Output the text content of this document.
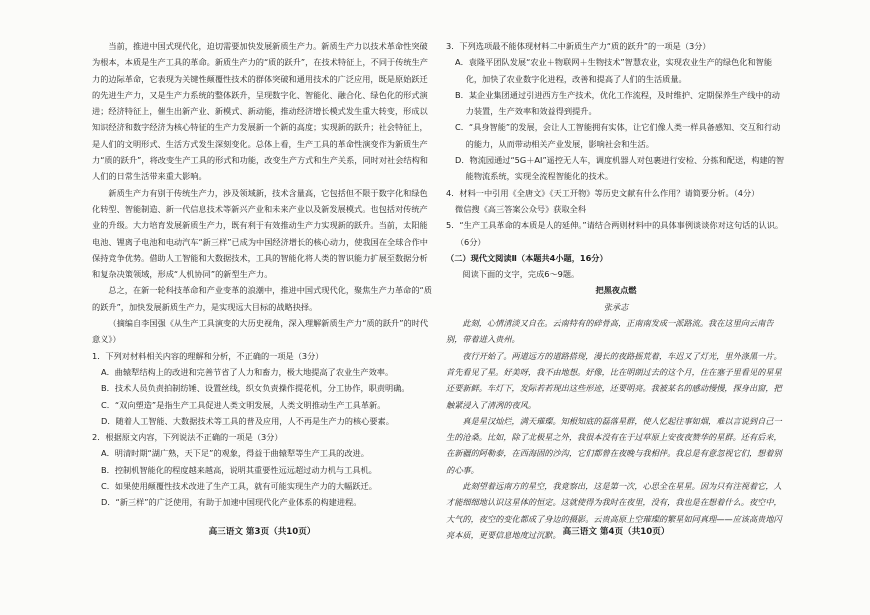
当前，推进中国式现代化，迫切需要加快发展新质生产力。新质生产力以技术革命性突破为根本，本质是生产工具的革命。新质生产力的“质的跃升”，在技术特征上，不同于传统生产力的边际革命，它表现为关键性颠覆性技术的群体突破和通用技术的广泛应用，既是原始跃迁的先进生产力，又是生产力系统的整体跃升，呈现数字化、智能化、融合化、绿色化的形式演进；经济特征上，催生出新产业、新模式、新动能，推动经济增长模式发生重大转变，形成以知识经济和数字经济为核心特征的生产力发展新一个新的高度；实现新的跃升；社会特征上，是人们的文明形式、生活方式发生深刻变化。总体上看，生产工具的革命性演变作为新质生产力“质的跃升”，将改变生产工具的形式和功能，改变生产方式和生产关系，同时对社会结构和人们的日常生活带来重大影响。

新质生产力有别于传统生产力，涉及领域新，技术含量高，它包括但不限于数字化和绿色化转型、智能制造、新一代信息技术等新兴产业和未来产业以及新发展模式。也包括对传统产业的升级。大力培育发展新质生产力，既有利于有效推动生产力实现新的跃升。当前，太阳能电池、锂离子电池和电动汽车“新三样”已成为中国经济增长的核心动力，使我国在全球合作中保持竞争优势。借助人工智能和大数据技术，工具的智能化将人类的智识能力扩展至数据分析和复杂决策领域，形成“人机协同”的新型生产力。

总之，在新一轮科技革命和产业变革的浪潮中，推进中国式现代化，聚焦生产力革命的“质的跃升”，加快发展新质生产力，是实现远大目标的战略抉择。

（摘编自李国强《从生产工具演变的大历史视角，深入理解新质生产力“质的跃升”的时代意义》）

1．下列对材料相关内容的理解和分析，不正确的一项是（3分）

A．曲辕犁结构上的改进和完善节省了人力和畜力，极大地提高了农业生产效率。

B．技术人员负责拍制纺锤、设置丝线，织女负责操作提花机，分工协作，职责明确。

C．“双向塑造”是指生产工具促进人类文明发展，人类文明推动生产工具革新。

D．随着人工智能、大数据技术等工具的普及应用，人不再是生产力的核心要素。

2．根据原文内容，下列说法不正确的一项是（3分）

A．明清时期“湖广熟，天下足”的观象，得益于曲辕犁等生产工具的改进。

B．控制机智能化的程度越来越高，说明其重要性远远超过动力机与工具机。

C．如果使用颠覆性技术改进了生产工具，就有可能实现生产力的大幅跃迁。

D．“新三样”的广泛使用，有助于加速中国现代化产业体系的构建进程。

高三语文 第3页（共10页）

3．下列选项最不能体现材料二中新质生产力“质的跃升”的一项是（3分）

A．袁隆平团队发展“农业＋物联网＋生物技术”智慧农业，实现农业生产的绿色化和智能化，加快了农业数字化进程，改善和提高了人们的生活质量。

B．某企业集团通过引进西方生产技术，优化工作流程，及时维护、定期保养生产线中的动力装置，生产效率和效益得到提升。

C．“具身智能”的发展，会让人工智能拥有实体，让它们像人类一样具备感知、交互和行动的能力，从而带动相关产业发展，影响社会和生活。

D．物流园通过“5G＋AI”遥控无人车，调度机器人对包裹进行安检、分拣和配送，构建的智能物流系统，实现全流程智能化的技术。

4．材料一中引用《全唐文》《天工开物》等历史文献有什么作用？请简要分析。（4分）

微信搜《高三答案公众号》获取全科

5．“生产工具革命的本质是人的延伸。”请结合两则材料中的具体事例谈谈你对这句话的认识。（6分）

（二）现代文阅读Ⅱ（本题共4小题，16分）

阅读下面的文字，完成6～9题。

把黑夜点燃

张承志

此刻，心情清淡又自在。云南特有的碎骨高，正南南发成一派路流。我在这里向云南告别，带着进入贵州。

夜行开始了。两道远方的道路搭现，漫长的夜路摇荒着，车迟又了灯光，里外涤黑一片。首先看见了星。好美呀，我不由地想。好像，比在明朗过去的这个月，住在塞子里看见的星星还要新鲜。车灯下，发际若若现出这些形迹，还要明亮。我被某名的感动慢慢，探身出窗，把触紧浸入了清冽的夜风。

真是星汉灿烂，满天璀璨。知根知底的磊落星群，使人忆起往事如烟，难以言说到自己一生的沧桑。比如，除了北极星之外，我很本没有在于过草原上安夜夜赞华的星群。还有后来，在新疆的阿勒泰，在西海固的沙沟，它们都曾在夜晚与我相伴。我总是有意忽视它们，想着别的心事。

此刻望着远南方的星空，我竟察出，这是第一次，心思全在星星。因为只有注视着它，人才能细细地认识这星体的恒定。这就使得为我时在夜里，没有，我也是在想着什么。夜空中，大气的，夜空的变化都成了身边的摄影。云贵高原上空璀璨的繁星如同真理——应该高贵地闪亮本质，更要信息地度过沉默。 高三语文 第4页（共10页）
